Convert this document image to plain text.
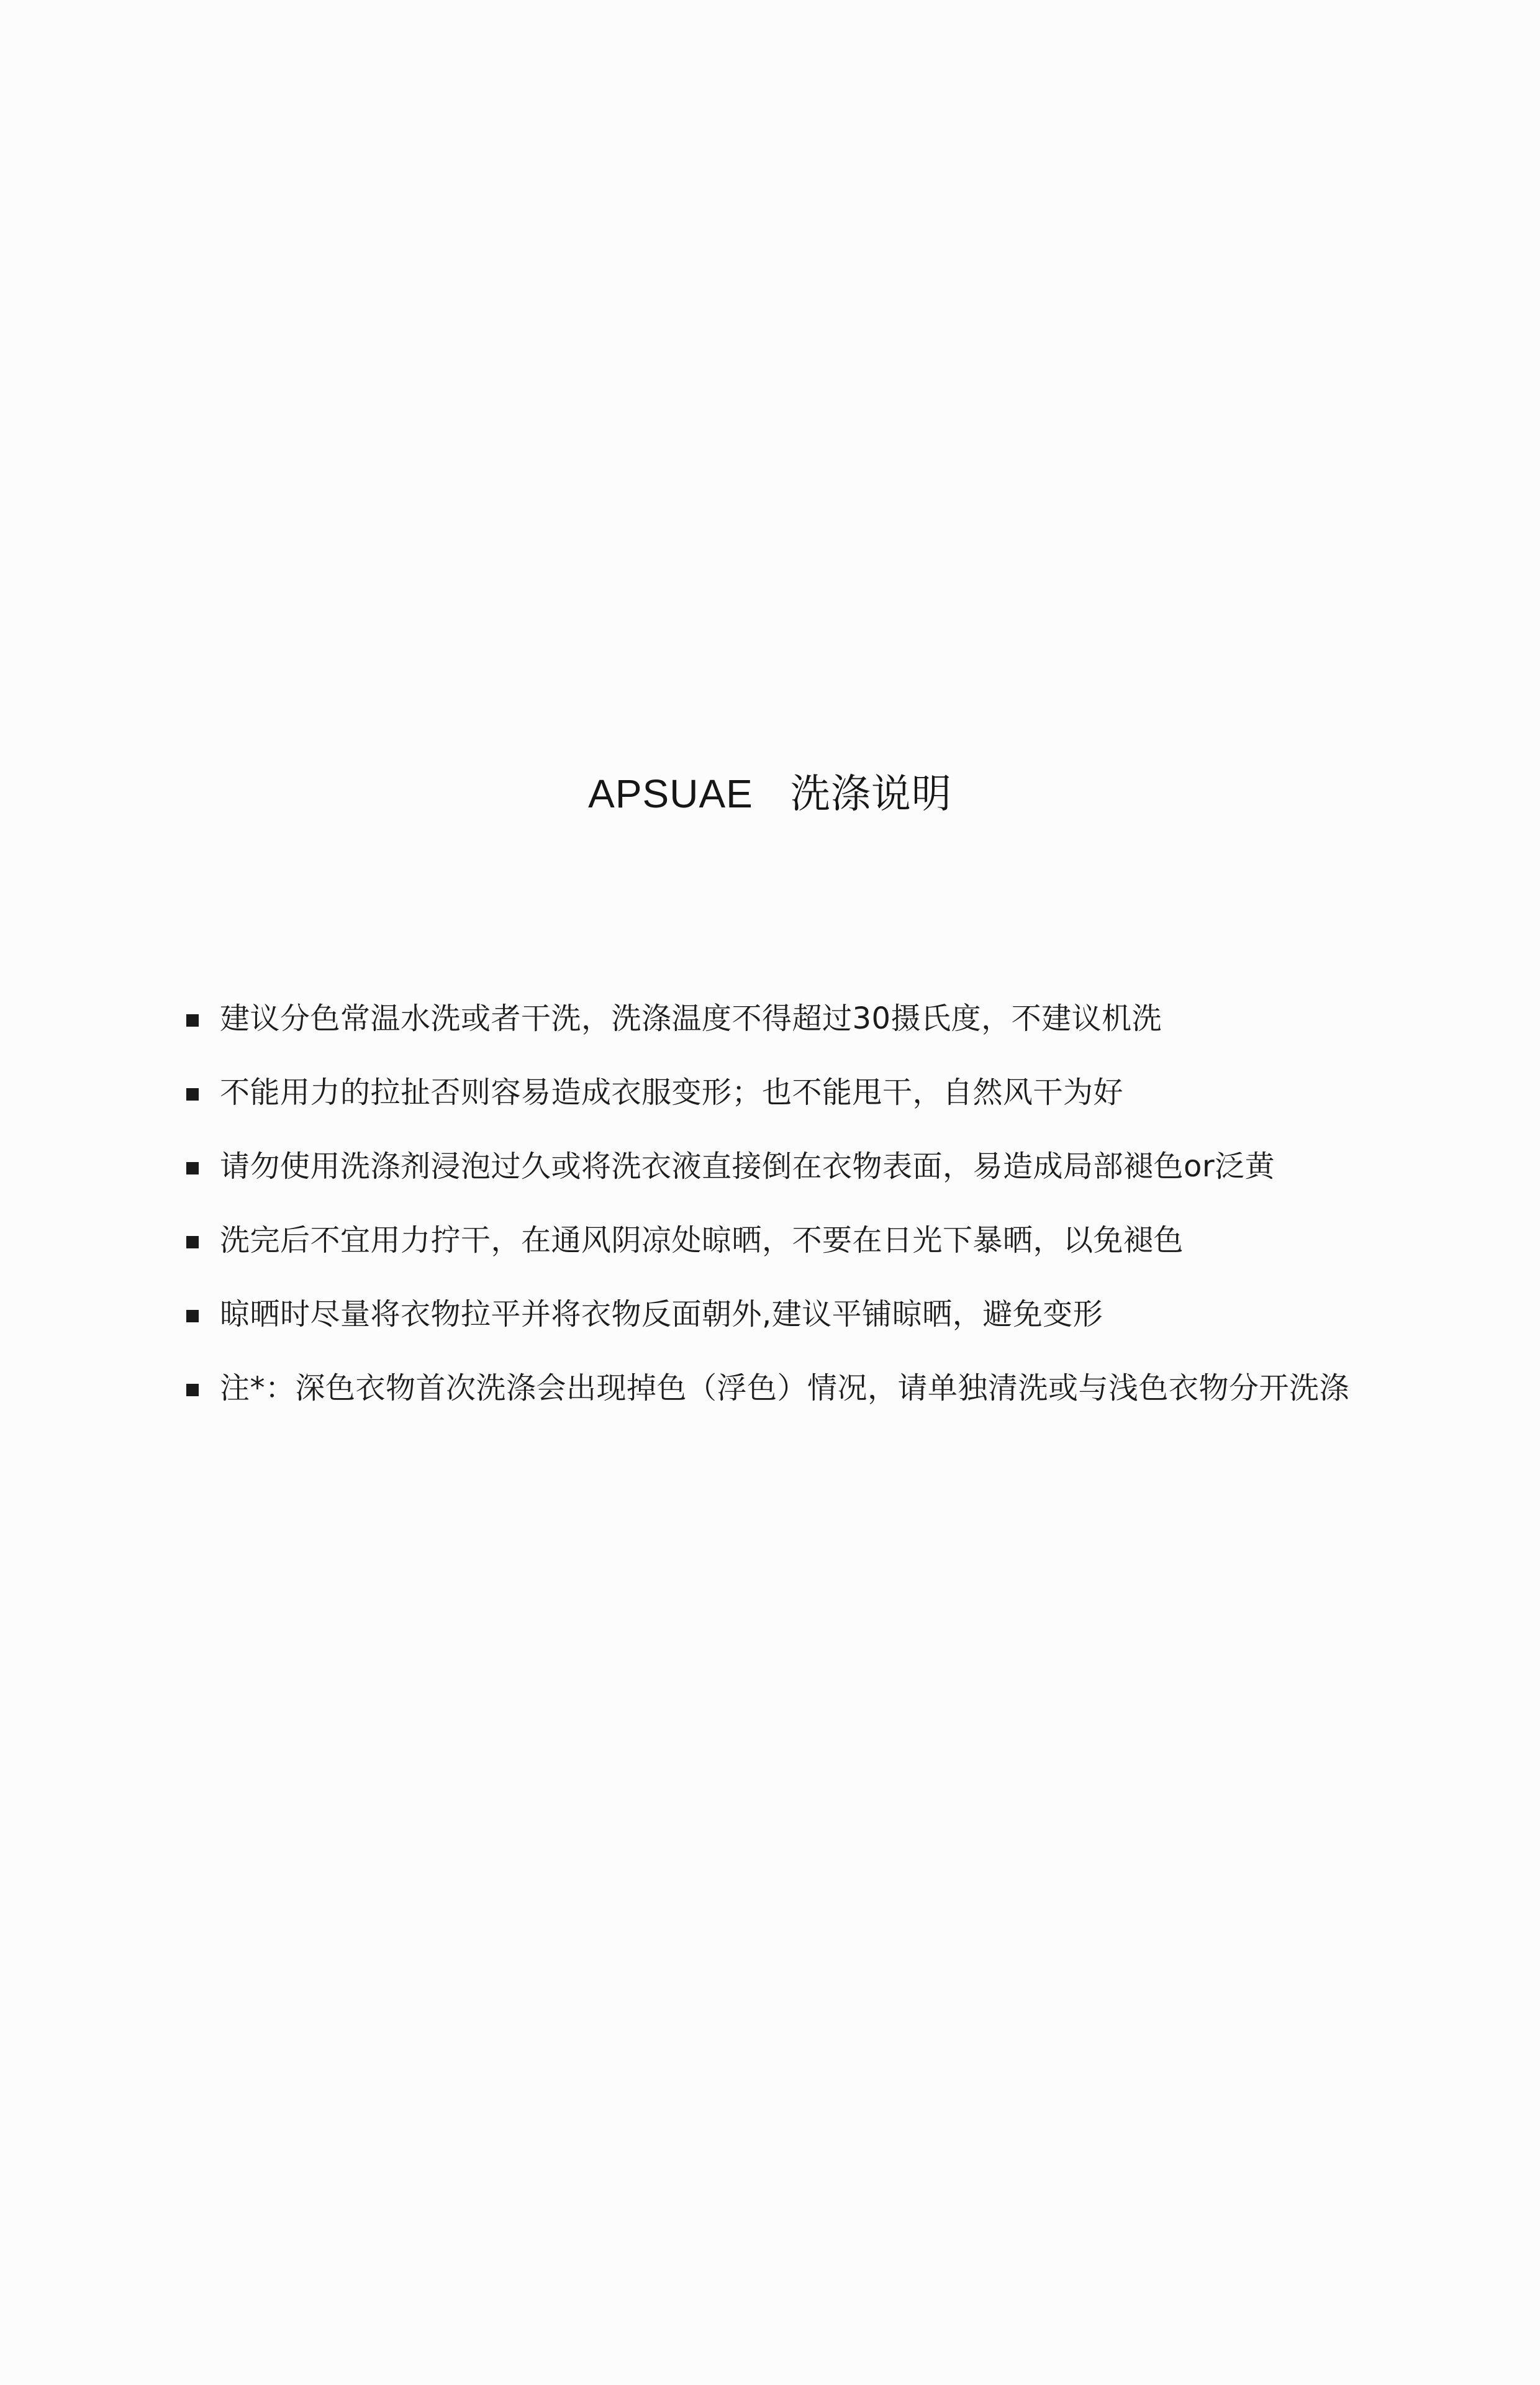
APSUAE 洗涤说明
建议分色常温水洗或者干洗，洗涤温度不得超过30摄氏度，不建议机洗
不能用力的拉扯否则容易造成衣服变形；也不能甩干，自然风干为好
请勿使用洗涤剂浸泡过久或将洗衣液直接倒在衣物表面，易造成局部褪色or泛黄
洗完后不宜用力拧干，在通风阴凉处晾晒，不要在日光下暴晒，以免褪色
晾晒时尽量将衣物拉平并将衣物反面朝外,建议平铺晾晒，避免变形
注*：深色衣物首次洗涤会出现掉色（浮色）情况，请单独清洗或与浅色衣物分开洗涤
